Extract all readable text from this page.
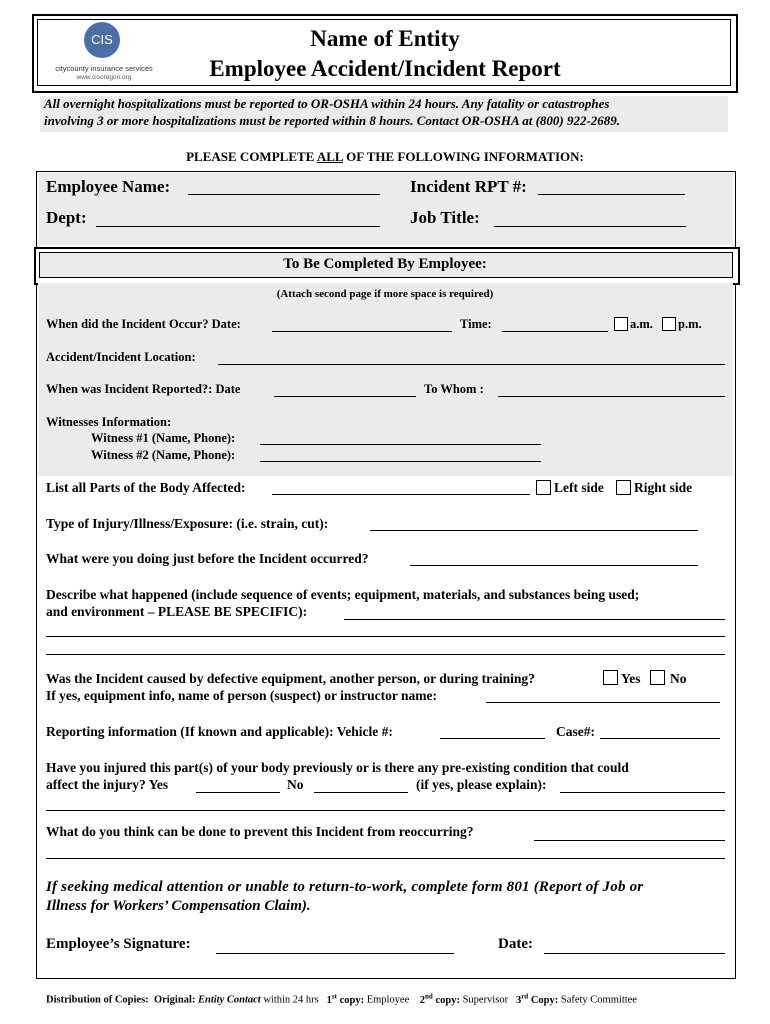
CIS
citycounty insurance services
www.cisoregon.org
Name of Entity
Employee Accident/Incident Report
All overnight hospitalizations must be reported to OR-OSHA within 24 hours. Any fatality or catastrophes
involving 3 or more hospitalizations must be reported within 8 hours. Contact OR-OSHA at (800) 922-2689.
PLEASE COMPLETE ALL OF THE FOLLOWING INFORMATION:
Employee Name:	Incident RPT #:
Dept:	Job Title:
To Be Completed By Employee:
(Attach second page if more space is required)
When did the Incident Occur? Date:	Time:	a.m. p.m.
Accident/Incident Location:
When was Incident Reported?: Date	To Whom :
Witnesses Information:
Witness #1 (Name, Phone):
Witness #2 (Name, Phone):
List all Parts of the Body Affected:	Left side Right side
Type of Injury/Illness/Exposure: (i.e. strain, cut):
What were you doing just before the Incident occurred?
Describe what happened (include sequence of events; equipment, materials, and substances being used;
and environment – PLEASE BE SPECIFIC):
Was the Incident caused by defective equipment, another person, or during training?	Yes No
If yes, equipment info, name of person (suspect) or instructor name:
Reporting information (If known and applicable): Vehicle #:	Case#:
Have you injured this part(s) of your body previously or is there any pre-existing condition that could
affect the injury? Yes	No	(if yes, please explain):
What do you think can be done to prevent this Incident from reoccurring?
If seeking medical attention or unable to return-to-work, complete form 801 (Report of Job or
Illness for Workers’ Compensation Claim).
Employee’s Signature:	Date:
Distribution of Copies: Original: Entity Contact within 24 hrs 1st copy: Employee 2nd copy: Supervisor 3rd Copy: Safety Committee
